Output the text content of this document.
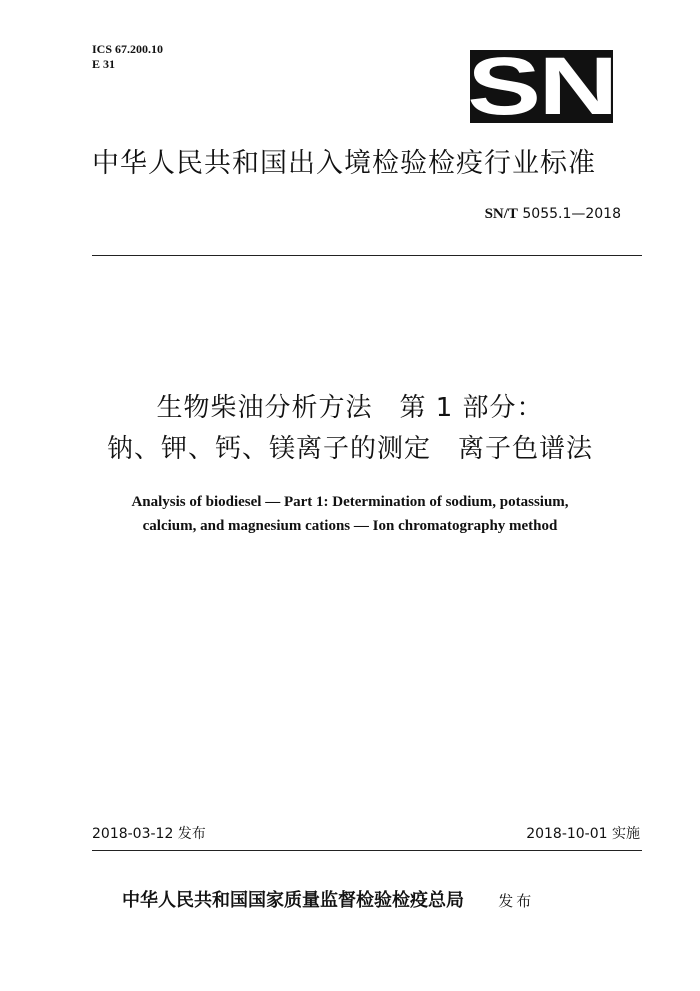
ICS 67.200.10
E 31	SN
中华人民共和国出入境检验检疫行业标准
SN/T 5055.1—2018
生物柴油分析方法　第 1 部分：
钠、钾、钙、镁离子的测定　离子色谱法
Analysis of biodiesel — Part 1: Determination of sodium, potassium,
calcium, and magnesium cations — Ion chromatography method
2018-03-12 发布	2018-10-01 实施
中华人民共和国国家质量监督检验检疫总局 发布
